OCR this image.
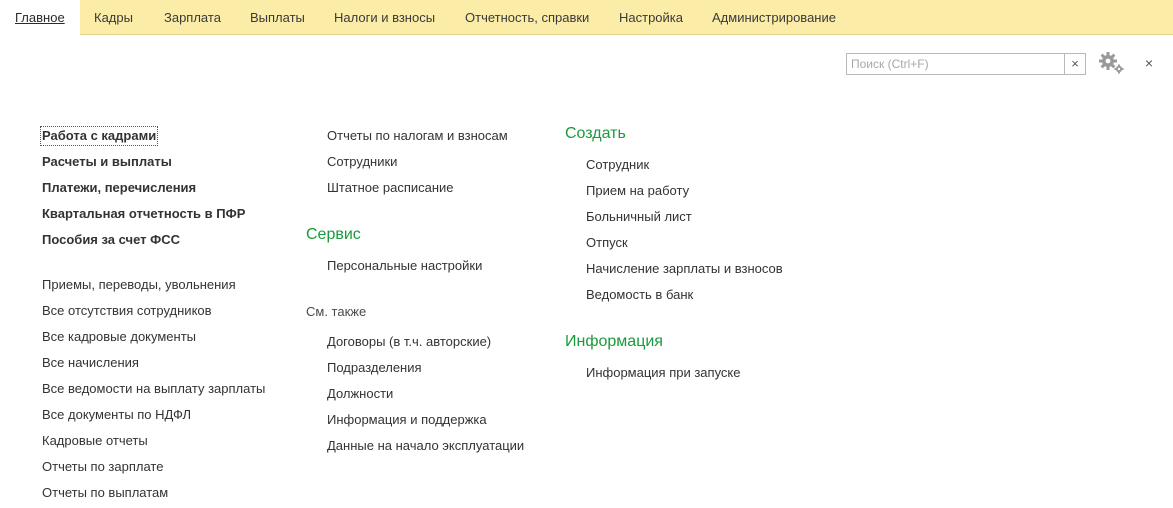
Главное	Кадры Зарплата Выплаты Налоги и взносы Отчетность, справки Настройка Администрирование
Поиск (Ctrl+F)
×	×
Работа с кадрами
Расчеты и выплаты
Платежи, перечисления
Квартальная отчетность в ПФР
Пособия за счет ФСС
Приемы, переводы, увольнения
Все отсутствия сотрудников
Все кадровые документы
Все начисления
Все ведомости на выплату зарплаты
Все документы по НДФЛ
Кадровые отчеты
Отчеты по зарплате
Отчеты по выплатам
Отчеты по налогам и взносам
Сотрудники
Штатное расписание
Сервис
Персональные настройки
См. также
Договоры (в т.ч. авторские)
Подразделения
Должности
Информация и поддержка
Данные на начало эксплуатации
Создать
Сотрудник
Прием на работу
Больничный лист
Отпуск
Начисление зарплаты и взносов
Ведомость в банк
Информация
Информация при запуске
